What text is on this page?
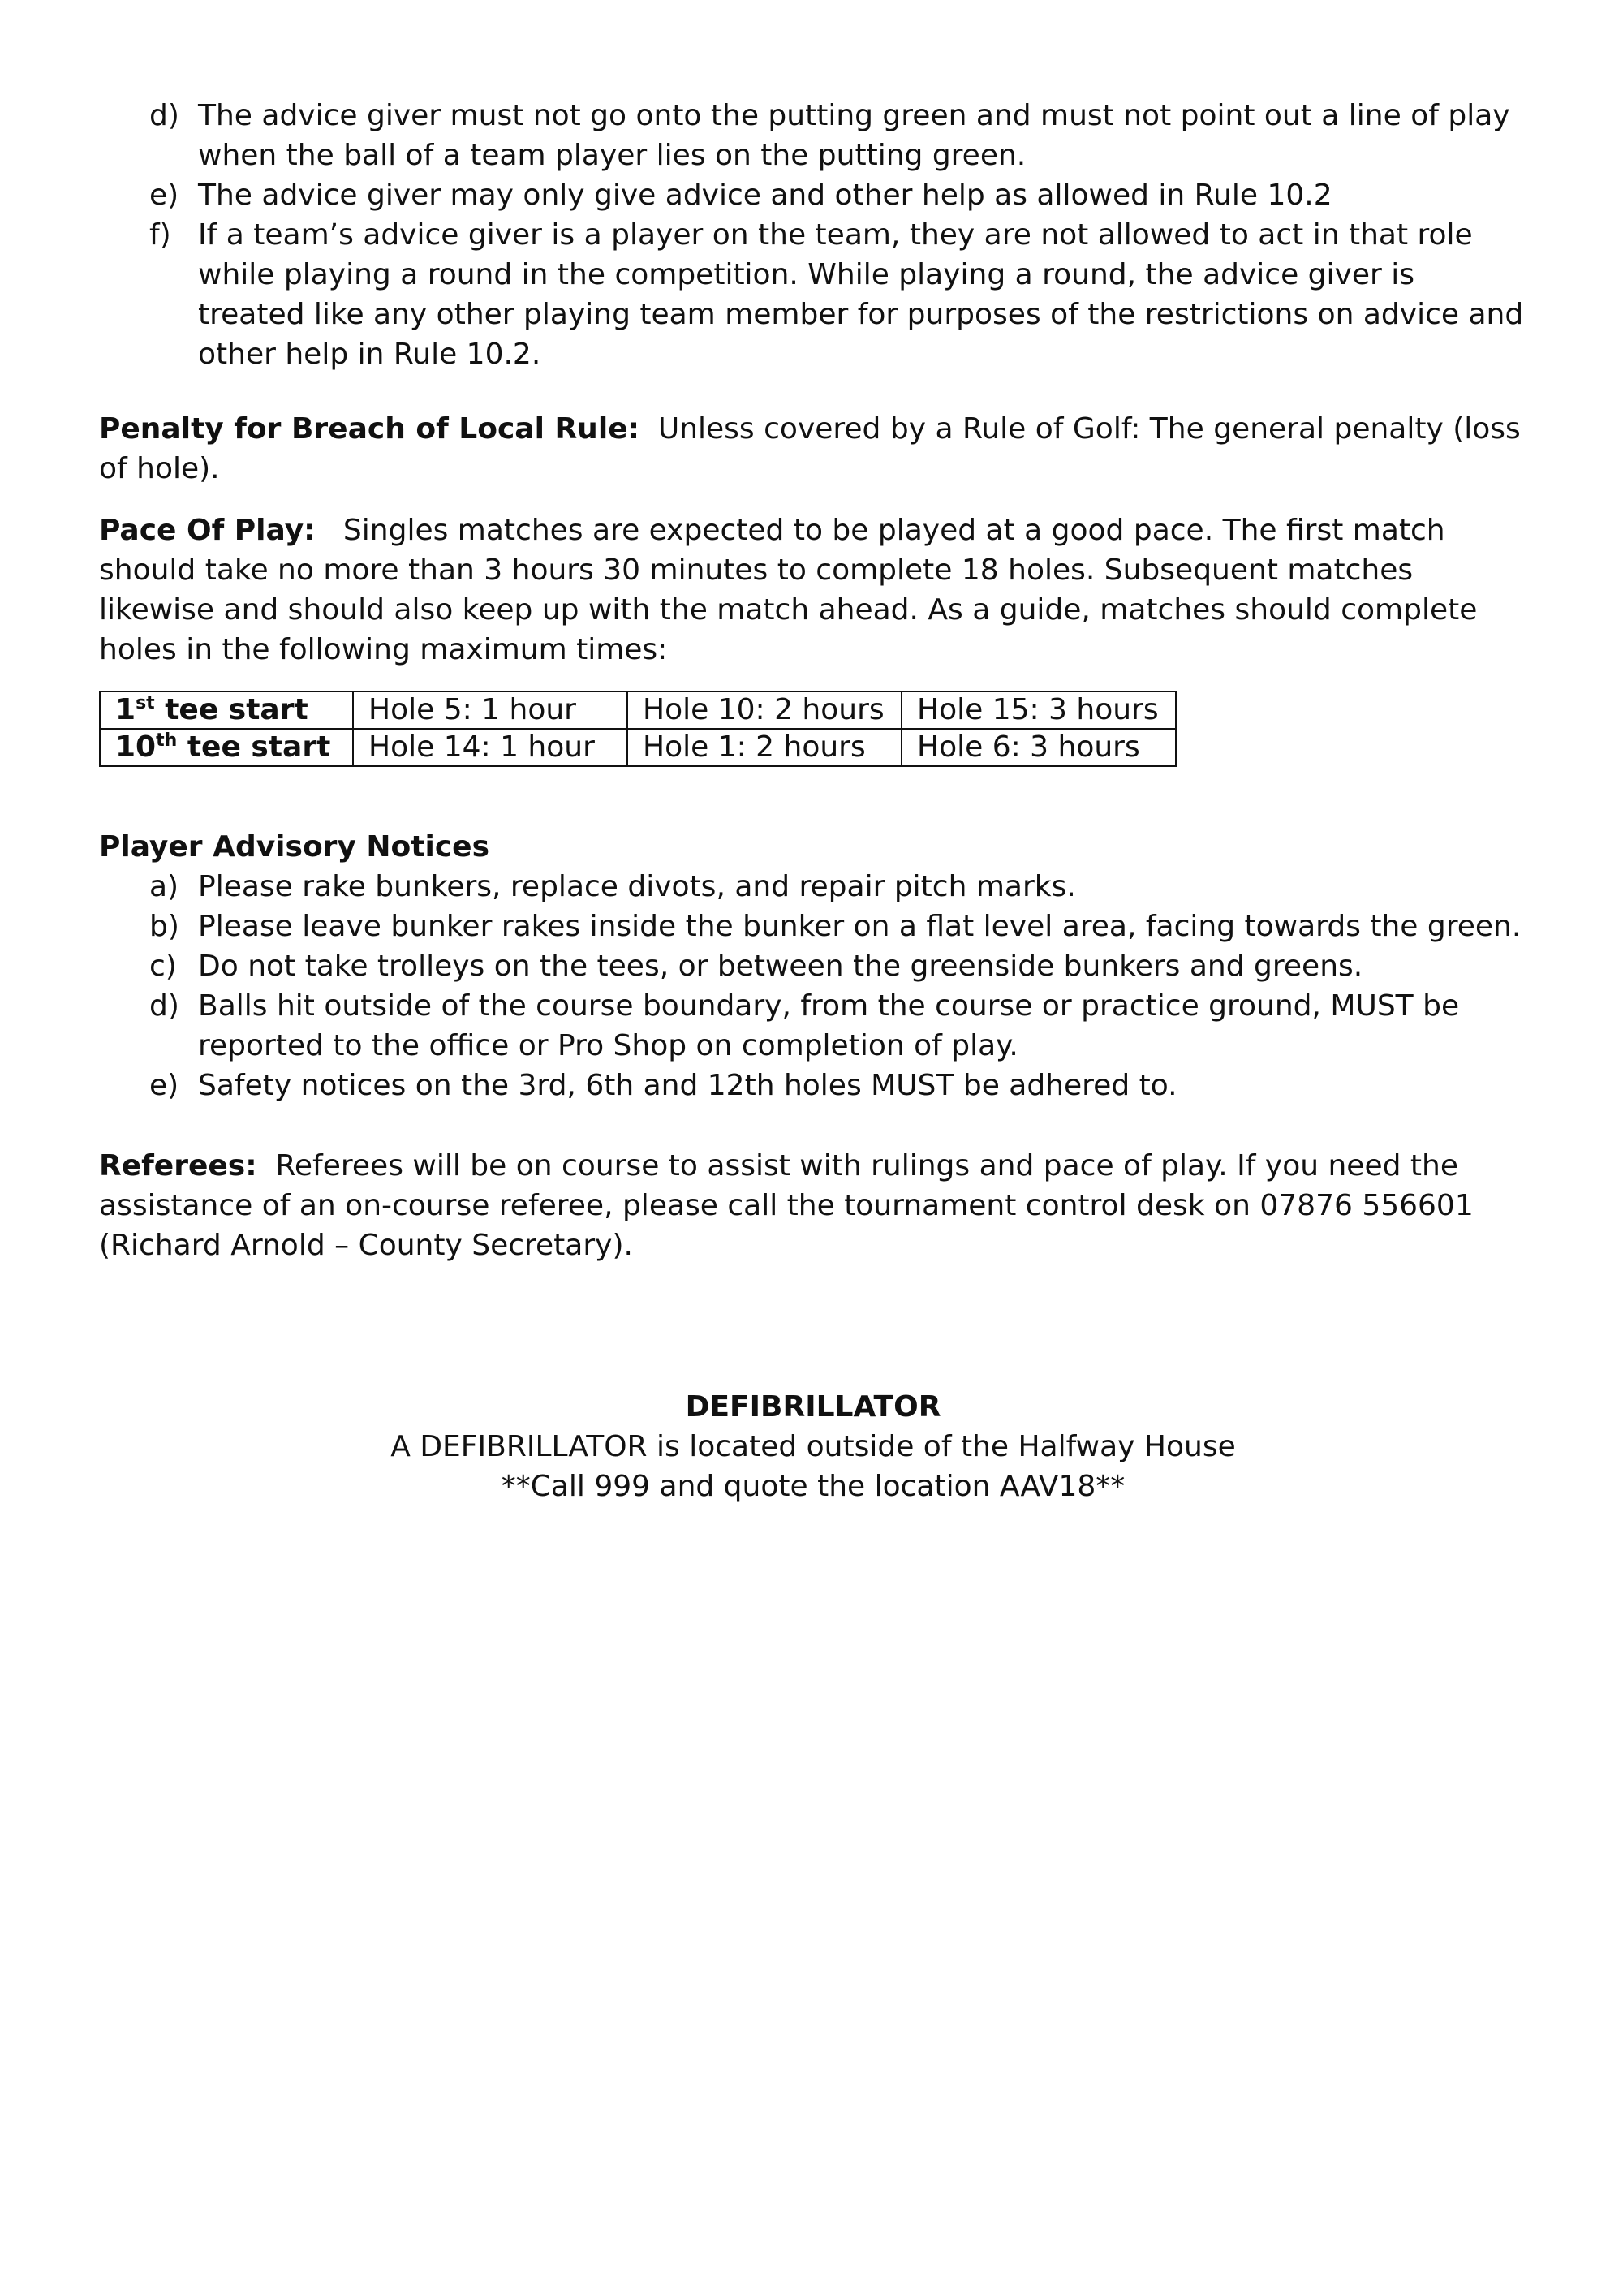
d) The advice giver must not go onto the putting green and must not point out a line of play when the ball of a team player lies on the putting green.
e) The advice giver may only give advice and other help as allowed in Rule 10.2
f) If a team’s advice giver is a player on the team, they are not allowed to act in that role while playing a round in the competition. While playing a round, the advice giver is treated like any other playing team member for purposes of the restrictions on advice and other help in Rule 10.2.

Penalty for Breach of Local Rule: Unless covered by a Rule of Golf: The general penalty (loss of hole).

Pace Of Play: Singles matches are expected to be played at a good pace. The first match should take no more than 3 hours 30 minutes to complete 18 holes. Subsequent matches likewise and should also keep up with the match ahead. As a guide, matches should complete holes in the following maximum times:

1st tee start	Hole 5: 1 hour	Hole 10: 2 hours	Hole 15: 3 hours
10th tee start	Hole 14: 1 hour	Hole 1: 2 hours	Hole 6: 3 hours
Player Advisory Notices
a) Please rake bunkers, replace divots, and repair pitch marks.
b) Please leave bunker rakes inside the bunker on a flat level area, facing towards the green.
c) Do not take trolleys on the tees, or between the greenside bunkers and greens.
d) Balls hit outside of the course boundary, from the course or practice ground, MUST be reported to the office or Pro Shop on completion of play.
e) Safety notices on the 3rd, 6th and 12th holes MUST be adhered to.

Referees: Referees will be on course to assist with rulings and pace of play. If you need the assistance of an on-course referee, please call the tournament control desk on 07876 556601 (Richard Arnold – County Secretary).

DEFIBRILLATOR
A DEFIBRILLATOR is located outside of the Halfway House
**Call 999 and quote the location AAV18**
